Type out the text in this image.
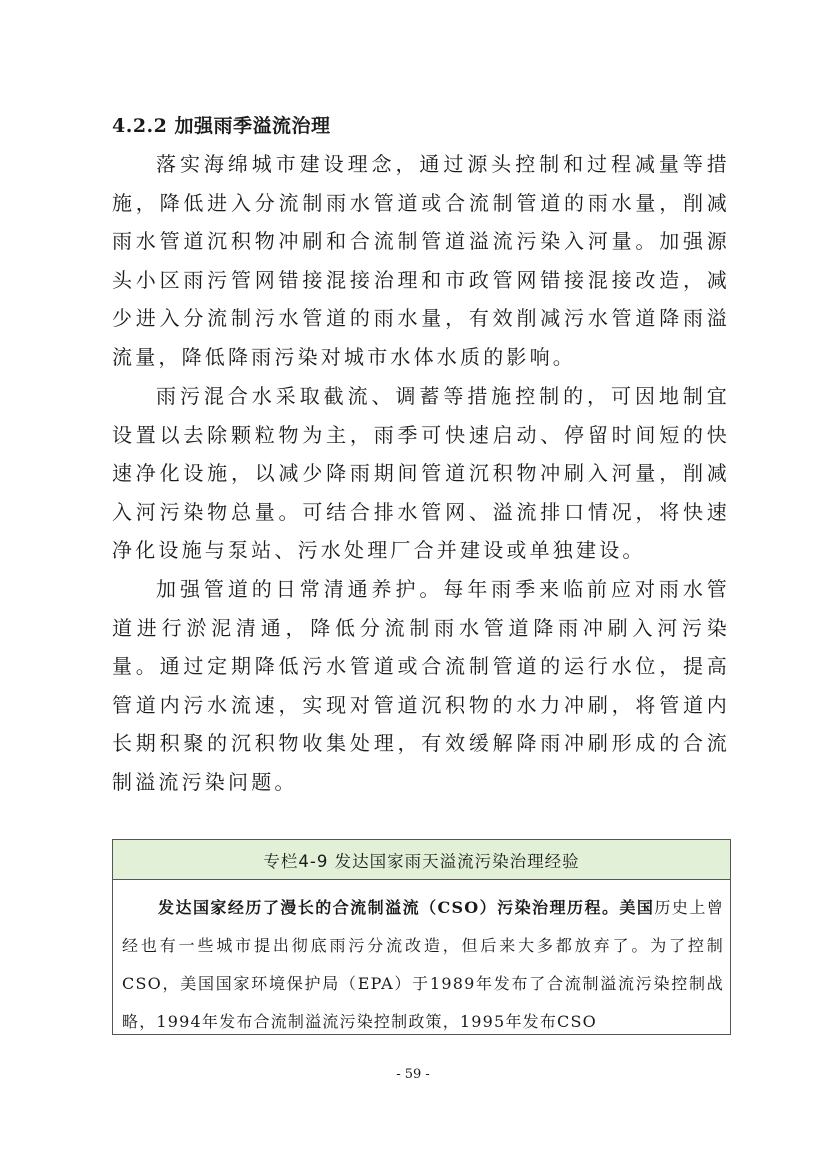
4.2.2 加强雨季溢流治理

落实海绵城市建设理念，通过源头控制和过程减量等措施，降低进入分流制雨水管道或合流制管道的雨水量，削减雨水管道沉积物冲刷和合流制管道溢流污染入河量。加强源头小区雨污管网错接混接治理和市政管网错接混接改造，减少进入分流制污水管道的雨水量，有效削减污水管道降雨溢流量，降低降雨污染对城市水体水质的影响。

雨污混合水采取截流、调蓄等措施控制的，可因地制宜设置以去除颗粒物为主，雨季可快速启动、停留时间短的快速净化设施，以减少降雨期间管道沉积物冲刷入河量，削减入河污染物总量。可结合排水管网、溢流排口情况，将快速净化设施与泵站、污水处理厂合并建设或单独建设。

加强管道的日常清通养护。每年雨季来临前应对雨水管道进行淤泥清通，降低分流制雨水管道降雨冲刷入河污染量。通过定期降低污水管道或合流制管道的运行水位，提高管道内污水流速，实现对管道沉积物的水力冲刷，将管道内长期积聚的沉积物收集处理，有效缓解降雨冲刷形成的合流制溢流污染问题。

专栏4-9 发达国家雨天溢流污染治理经验

发达国家经历了漫长的合流制溢流（CSO）污染治理历程。美国历史上曾经也有一些城市提出彻底雨污分流改造，但后来大多都放弃了。为了控制CSO，美国国家环境保护局（EPA）于1989年发布了合流制溢流污染控制战略，1994年发布合流制溢流污染控制政策，1995年发布CSO

- 59 -
